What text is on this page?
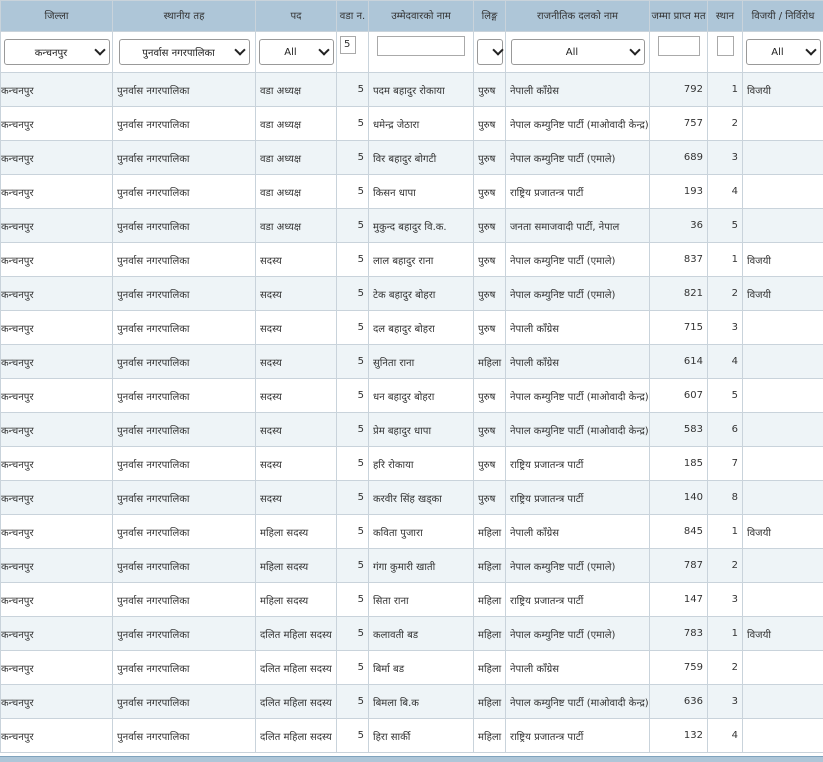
जिल्ला	स्थानीय तह	पद	वडा न.	उम्मेदवारको नाम	लिङ्ग	राजनीतिक दलको नाम	जम्मा प्राप्त मत	स्थान	विजयी / निर्विरोध

कन्चनपुर	पुनर्वास नगरपालिका	All	5			All			All

कन्चनपुर	पुनर्वास नगरपालिका	वडा अध्यक्ष	5	पदम बहादुर रोकाया	पुरुष	नेपाली काँग्रेस	792	1	विजयी
कन्चनपुर	पुनर्वास नगरपालिका	वडा अध्यक्ष	5	धमेन्द्र जेठारा	पुरुष	नेपाल कम्युनिष्ट पार्टी (माओवादी केन्द्र)	757	2	
कन्चनपुर	पुनर्वास नगरपालिका	वडा अध्यक्ष	5	विर बहादुर बोगटी	पुरुष	नेपाल कम्युनिष्ट पार्टी (एमाले)	689	3	
कन्चनपुर	पुनर्वास नगरपालिका	वडा अध्यक्ष	5	किसन धापा	पुरुष	राष्ट्रिय प्रजातन्त्र पार्टी	193	4	
कन्चनपुर	पुनर्वास नगरपालिका	वडा अध्यक्ष	5	मुकुन्द बहादुर वि.क.	पुरुष	जनता समाजवादी पार्टी, नेपाल	36	5	
कन्चनपुर	पुनर्वास नगरपालिका	सदस्य	5	लाल बहादुर राना	पुरुष	नेपाल कम्युनिष्ट पार्टी (एमाले)	837	1	विजयी
कन्चनपुर	पुनर्वास नगरपालिका	सदस्य	5	टेक बहादुर बोहरा	पुरुष	नेपाल कम्युनिष्ट पार्टी (एमाले)	821	2	विजयी
कन्चनपुर	पुनर्वास नगरपालिका	सदस्य	5	दल बहादुर बोहरा	पुरुष	नेपाली काँग्रेस	715	3	
कन्चनपुर	पुनर्वास नगरपालिका	सदस्य	5	सुनिता राना	महिला	नेपाली काँग्रेस	614	4	
कन्चनपुर	पुनर्वास नगरपालिका	सदस्य	5	धन बहादुर बोहरा	पुरुष	नेपाल कम्युनिष्ट पार्टी (माओवादी केन्द्र)	607	5	
कन्चनपुर	पुनर्वास नगरपालिका	सदस्य	5	प्रेम बहादुर धापा	पुरुष	नेपाल कम्युनिष्ट पार्टी (माओवादी केन्द्र)	583	6	
कन्चनपुर	पुनर्वास नगरपालिका	सदस्य	5	हरि रोकाया	पुरुष	राष्ट्रिय प्रजातन्त्र पार्टी	185	7	
कन्चनपुर	पुनर्वास नगरपालिका	सदस्य	5	करवीर सिंह खड्का	पुरुष	राष्ट्रिय प्रजातन्त्र पार्टी	140	8	
कन्चनपुर	पुनर्वास नगरपालिका	महिला सदस्य	5	कविता पुजारा	महिला	नेपाली काँग्रेस	845	1	विजयी
कन्चनपुर	पुनर्वास नगरपालिका	महिला सदस्य	5	गंगा कुमारी खाती	महिला	नेपाल कम्युनिष्ट पार्टी (एमाले)	787	2	
कन्चनपुर	पुनर्वास नगरपालिका	महिला सदस्य	5	सिता राना	महिला	राष्ट्रिय प्रजातन्त्र पार्टी	147	3	
कन्चनपुर	पुनर्वास नगरपालिका	दलित महिला सदस्य	5	कलावती बड	महिला	नेपाल कम्युनिष्ट पार्टी (एमाले)	783	1	विजयी
कन्चनपुर	पुनर्वास नगरपालिका	दलित महिला सदस्य	5	बिर्मा बड	महिला	नेपाली काँग्रेस	759	2	
कन्चनपुर	पुनर्वास नगरपालिका	दलित महिला सदस्य	5	बिमला बि.क	महिला	नेपाल कम्युनिष्ट पार्टी (माओवादी केन्द्र)	636	3	
कन्चनपुर	पुनर्वास नगरपालिका	दलित महिला सदस्य	5	हिरा सार्की	महिला	राष्ट्रिय प्रजातन्त्र पार्टी	132	4	
